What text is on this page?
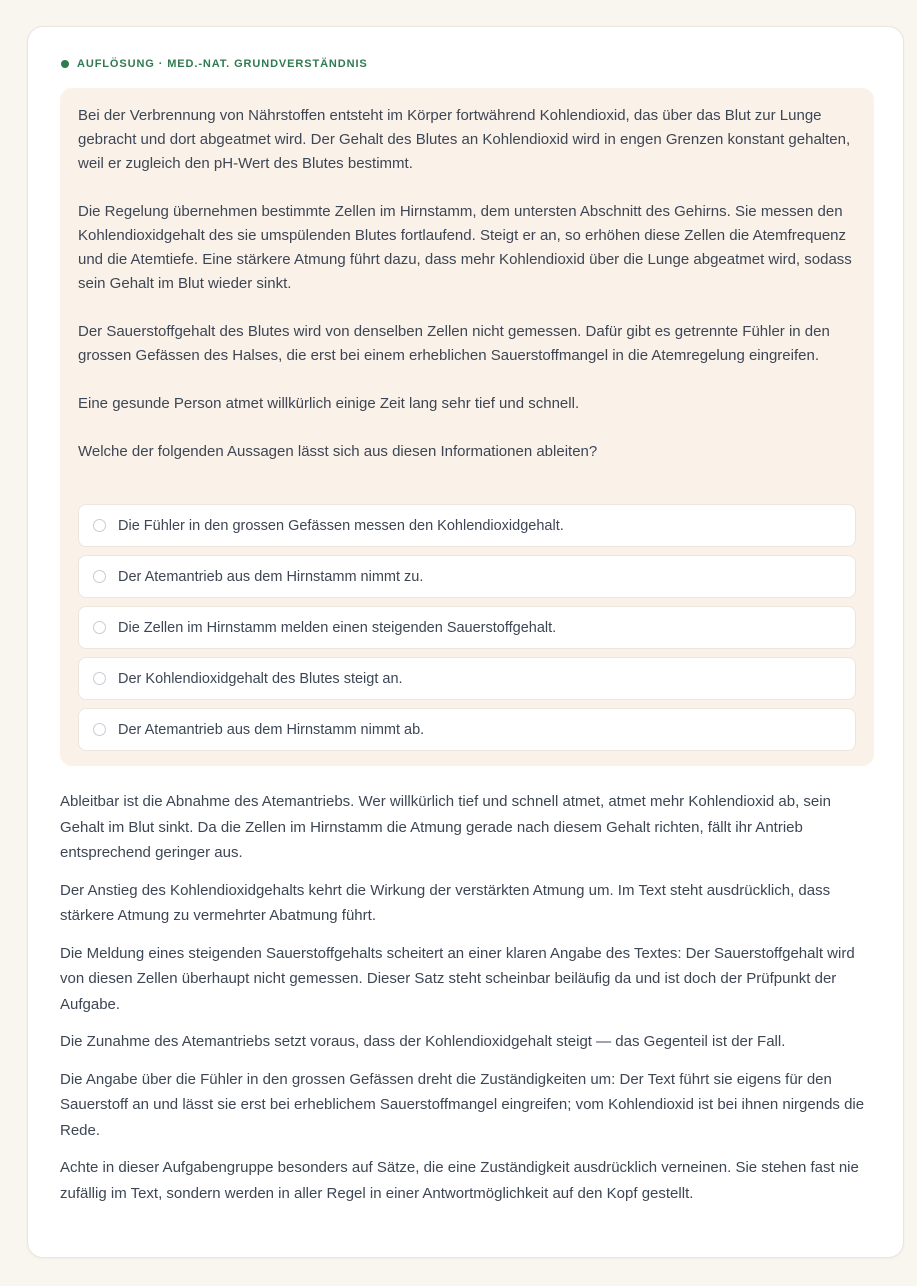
AUFLÖSUNG · MED.-NAT. GRUNDVERSTÄNDNIS

Bei der Verbrennung von Nährstoffen entsteht im Körper fortwährend Kohlendioxid, das über das Blut zur Lunge gebracht und dort abgeatmet wird. Der Gehalt des Blutes an Kohlendioxid wird in engen Grenzen konstant gehalten, weil er zugleich den pH-Wert des Blutes bestimmt.

Die Regelung übernehmen bestimmte Zellen im Hirnstamm, dem untersten Abschnitt des Gehirns. Sie messen den Kohlendioxidgehalt des sie umspülenden Blutes fortlaufend. Steigt er an, so erhöhen diese Zellen die Atemfrequenz und die Atemtiefe. Eine stärkere Atmung führt dazu, dass mehr Kohlendioxid über die Lunge abgeatmet wird, sodass sein Gehalt im Blut wieder sinkt.

Der Sauerstoffgehalt des Blutes wird von denselben Zellen nicht gemessen. Dafür gibt es getrennte Fühler in den grossen Gefässen des Halses, die erst bei einem erheblichen Sauerstoffmangel in die Atemregelung eingreifen.

Eine gesunde Person atmet willkürlich einige Zeit lang sehr tief und schnell.

Welche der folgenden Aussagen lässt sich aus diesen Informationen ableiten?

Die Fühler in den grossen Gefässen messen den Kohlendioxidgehalt.
Der Atemantrieb aus dem Hirnstamm nimmt zu.
Die Zellen im Hirnstamm melden einen steigenden Sauerstoffgehalt.
Der Kohlendioxidgehalt des Blutes steigt an.
Der Atemantrieb aus dem Hirnstamm nimmt ab.

Ableitbar ist die Abnahme des Atemantriebs. Wer willkürlich tief und schnell atmet, atmet mehr Kohlendioxid ab, sein Gehalt im Blut sinkt. Da die Zellen im Hirnstamm die Atmung gerade nach diesem Gehalt richten, fällt ihr Antrieb entsprechend geringer aus.

Der Anstieg des Kohlendioxidgehalts kehrt die Wirkung der verstärkten Atmung um. Im Text steht ausdrücklich, dass stärkere Atmung zu vermehrter Abatmung führt.

Die Meldung eines steigenden Sauerstoffgehalts scheitert an einer klaren Angabe des Textes: Der Sauerstoffgehalt wird von diesen Zellen überhaupt nicht gemessen. Dieser Satz steht scheinbar beiläufig da und ist doch der Prüfpunkt der Aufgabe.

Die Zunahme des Atemantriebs setzt voraus, dass der Kohlendioxidgehalt steigt — das Gegenteil ist der Fall.

Die Angabe über die Fühler in den grossen Gefässen dreht die Zuständigkeiten um: Der Text führt sie eigens für den Sauerstoff an und lässt sie erst bei erheblichem Sauerstoffmangel eingreifen; vom Kohlendioxid ist bei ihnen nirgends die Rede.

Achte in dieser Aufgabengruppe besonders auf Sätze, die eine Zuständigkeit ausdrücklich verneinen. Sie stehen fast nie zufällig im Text, sondern werden in aller Regel in einer Antwortmöglichkeit auf den Kopf gestellt.
